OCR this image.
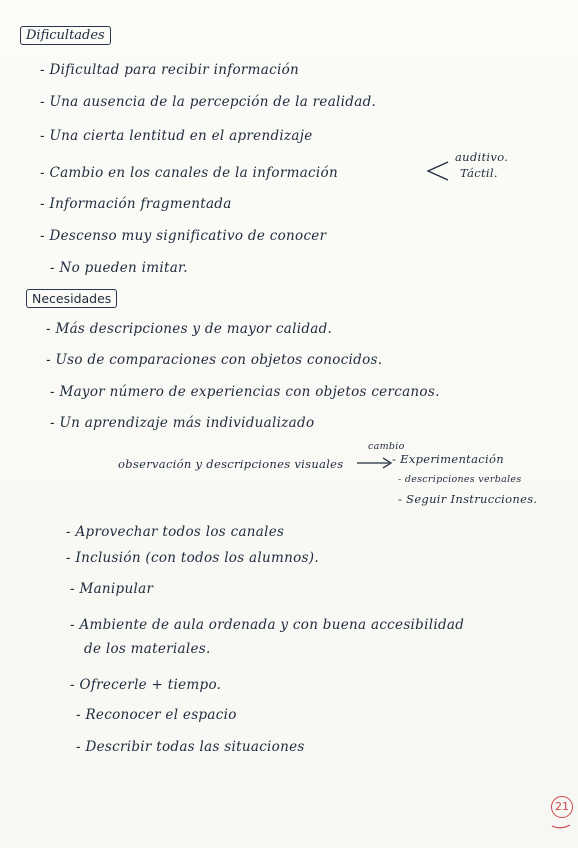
Dificultades
- Dificultad para recibir información
- Una ausencia de la percepción de la realidad.
- Una cierta lentitud en el aprendizaje
- Cambio en los canales de la información
auditivo.
Táctil.
- Información fragmentada
- Descenso muy significativo de conocer
- No pueden imitar.
Necesidades
- Más descripciones y de mayor calidad.
- Uso de comparaciones con objetos conocidos.
- Mayor número de experiencias con objetos cercanos.
- Un aprendizaje más individualizado
observación y descripciones visuales
cambio
- Experimentación
- descripciones verbales
- Seguir Instrucciones.
- Aprovechar todos los canales
- Inclusión (con todos los alumnos).
- Manipular
- Ambiente de aula ordenada y con buena accesibilidad
de los materiales.
- Ofrecerle + tiempo.
- Reconocer el espacio
- Describir todas las situaciones
21
